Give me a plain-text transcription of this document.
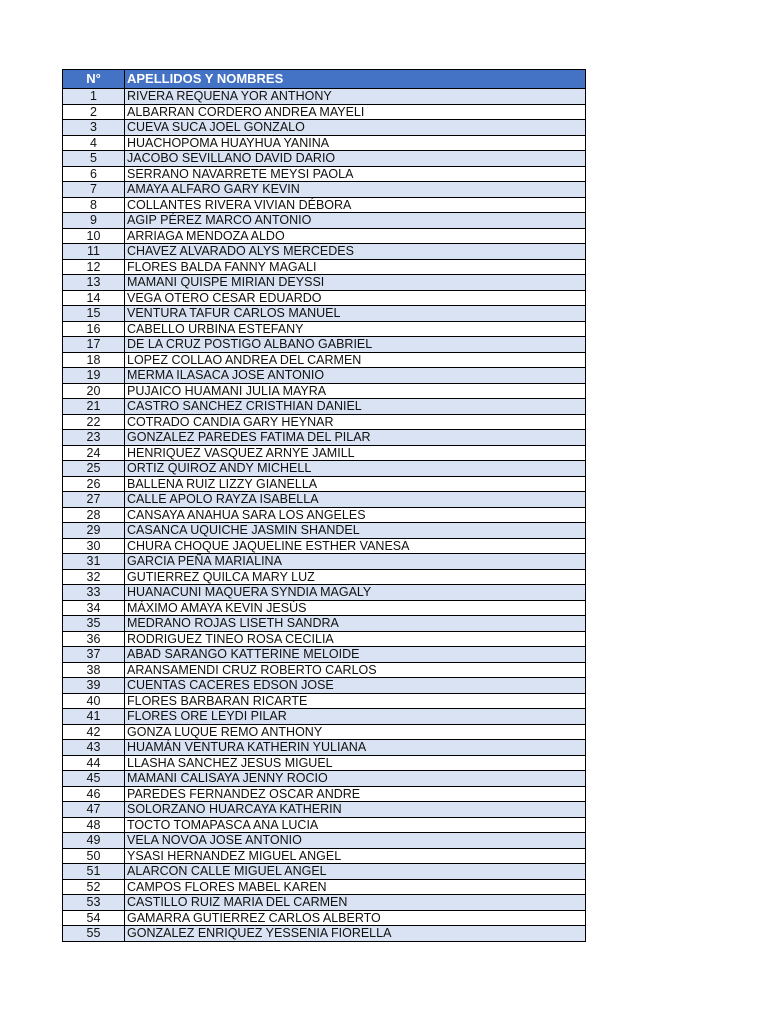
N°	APELLIDOS Y NOMBRES
1	RIVERA REQUENA YOR ANTHONY
2	ALBARRAN CORDERO ANDREA MAYELI
3	CUEVA SUCA JOEL GONZALO
4	HUACHOPOMA HUAYHUA YANINA
5	JACOBO SEVILLANO DAVID DARIO
6	SERRANO NAVARRETE MEYSI PAOLA
7	AMAYA ALFARO GARY KEVIN
8	COLLANTES RIVERA VIVIAN DÉBORA
9	AGIP PÉREZ MARCO ANTONIO
10	ARRIAGA MENDOZA ALDO
11	CHAVEZ ALVARADO ALYS MERCEDES
12	FLORES BALDA FANNY MAGALI
13	MAMANI QUISPE MIRIAN DEYSSI
14	VEGA OTERO CESAR EDUARDO
15	VENTURA TAFUR CARLOS MANUEL
16	CABELLO URBINA ESTEFANY
17	DE LA CRUZ POSTIGO ALBANO GABRIEL
18	LOPEZ COLLAO ANDREA DEL CARMEN
19	MERMA ILASACA JOSE ANTONIO
20	PUJAICO HUAMANI JULIA MAYRA
21	CASTRO SANCHEZ CRISTHIAN DANIEL
22	COTRADO CANDIA GARY HEYNAR
23	GONZALEZ PAREDES FATIMA DEL PILAR
24	HENRIQUEZ VASQUEZ ARNYE JAMILL
25	ORTIZ QUIROZ ANDY MICHELL
26	BALLENA RUIZ LIZZY GIANELLA
27	CALLE APOLO RAYZA ISABELLA
28	CANSAYA ANAHUA SARA LOS ANGELES
29	CASANCA UQUICHE JASMIN SHANDEL
30	CHURA CHOQUE JAQUELINE ESTHER VANESA
31	GARCIA PEÑA MARIALINA
32	GUTIERREZ QUILCA MARY LUZ
33	HUANACUNI MAQUERA SYNDIA MAGALY
34	MÁXIMO AMAYA KEVIN JESÚS
35	MEDRANO ROJAS LISETH SANDRA
36	RODRIGUEZ TINEO ROSA CECILIA
37	ABAD SARANGO KATTERINE MELOIDE
38	ARANSAMENDI CRUZ ROBERTO CARLOS
39	CUENTAS CACERES EDSON JOSE
40	FLORES BARBARAN RICARTE
41	FLORES ORE LEYDI PILAR
42	GONZA LUQUE REMO ANTHONY
43	HUAMÁN VENTURA KATHERIN YULIANA
44	LLASHA SANCHEZ JESUS MIGUEL
45	MAMANI CALISAYA JENNY ROCIO
46	PAREDES FERNANDEZ OSCAR ANDRE
47	SOLORZANO HUARCAYA KATHERIN
48	TOCTO TOMAPASCA ANA LUCIA
49	VELA NOVOA JOSE ANTONIO
50	YSASI HERNANDEZ MIGUEL ANGEL
51	ALARCON CALLE MIGUEL ANGEL
52	CAMPOS FLORES MABEL KAREN
53	CASTILLO RUIZ MARIA DEL CARMEN
54	GAMARRA GUTIERREZ CARLOS ALBERTO
55	GONZALEZ ENRIQUEZ YESSENIA FIORELLA
